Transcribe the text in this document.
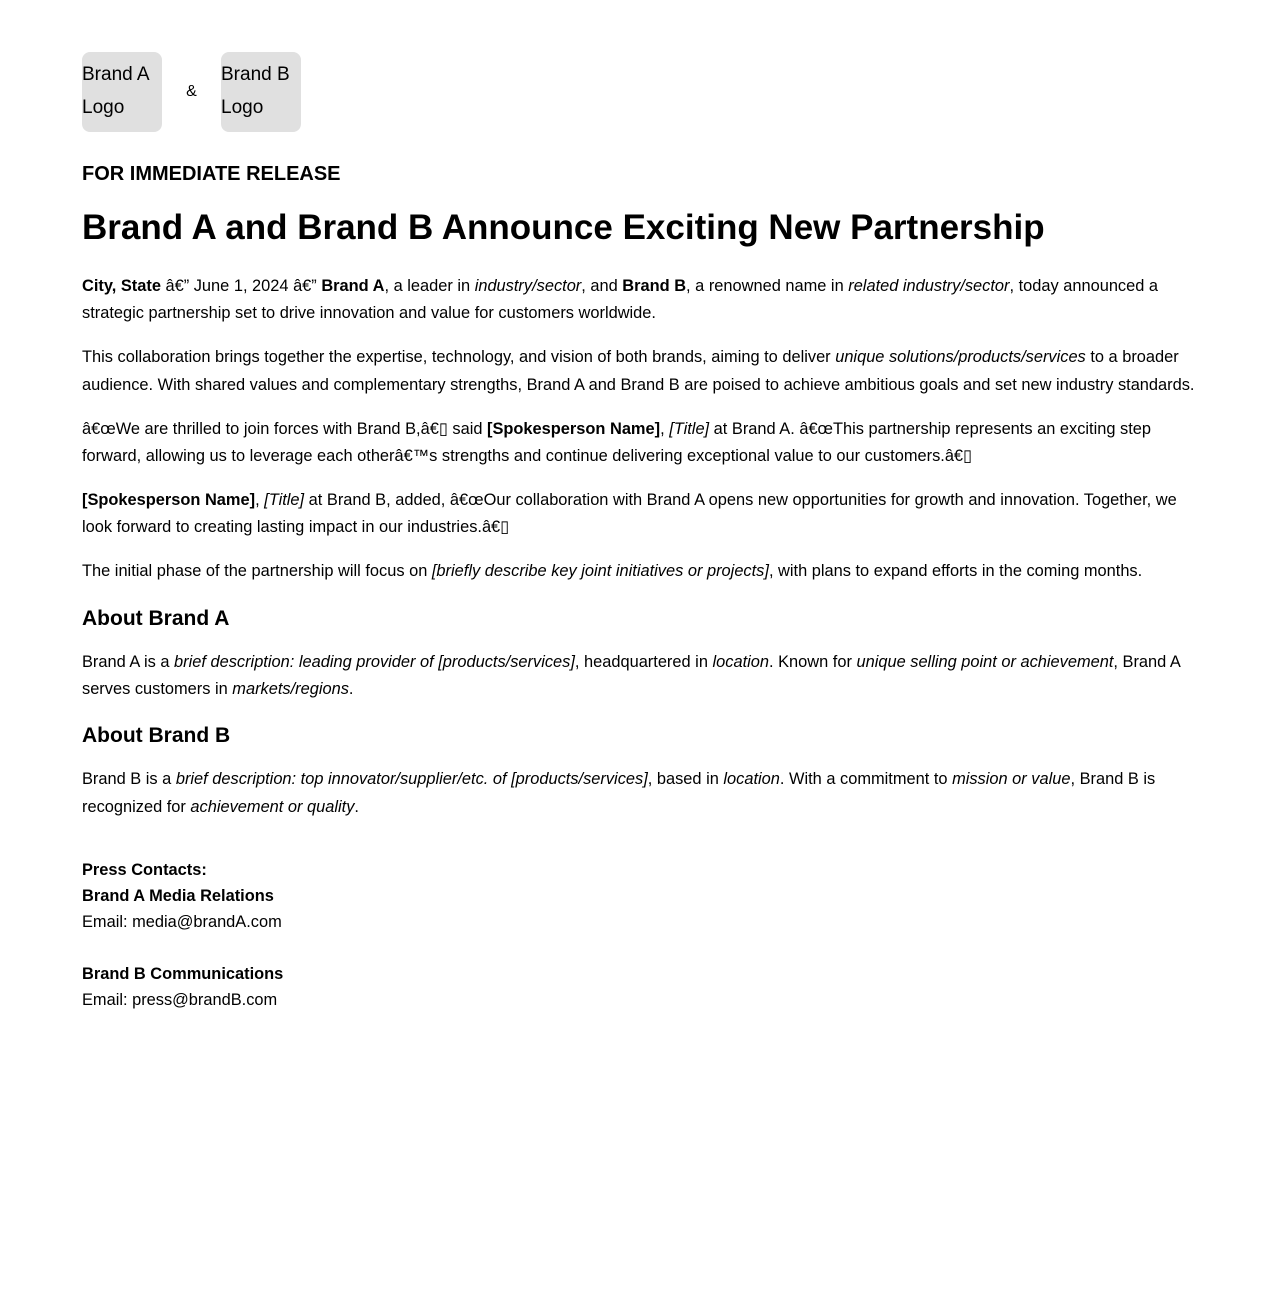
Brand A Logo
&
Brand B Logo
FOR IMMEDIATE RELEASE
Brand A and Brand B Announce Exciting New Partnership

City, State â€” June 1, 2024 â€” Brand A, a leader in industry/sector, and Brand B, a renowned name in related industry/sector, today announced a strategic partnership set to drive innovation and value for customers worldwide.

This collaboration brings together the expertise, technology, and vision of both brands, aiming to deliver unique solutions/products/services to a broader audience. With shared values and complementary strengths, Brand A and Brand B are poised to achieve ambitious goals and set new industry standards.

â€œWe are thrilled to join forces with Brand B,â€▯ said [Spokesperson Name], [Title] at Brand A. â€œThis partnership represents an exciting step forward, allowing us to leverage each otherâ€™s strengths and continue delivering exceptional value to our customers.â€▯

[Spokesperson Name], [Title] at Brand B, added, â€œOur collaboration with Brand A opens new opportunities for growth and innovation. Together, we look forward to creating lasting impact in our industries.â€▯

The initial phase of the partnership will focus on [briefly describe key joint initiatives or projects], with plans to expand efforts in the coming months.

About Brand A

Brand A is a brief description: leading provider of [products/services], headquartered in location. Known for unique selling point or achievement, Brand A serves customers in markets/regions.

About Brand B

Brand B is a brief description: top innovator/supplier/etc. of [products/services], based in location. With a commitment to mission or value, Brand B is recognized for achievement or quality.

Press Contacts:
Brand A Media Relations
Email: media@brandA.com
Brand B Communications
Email: press@brandB.com
